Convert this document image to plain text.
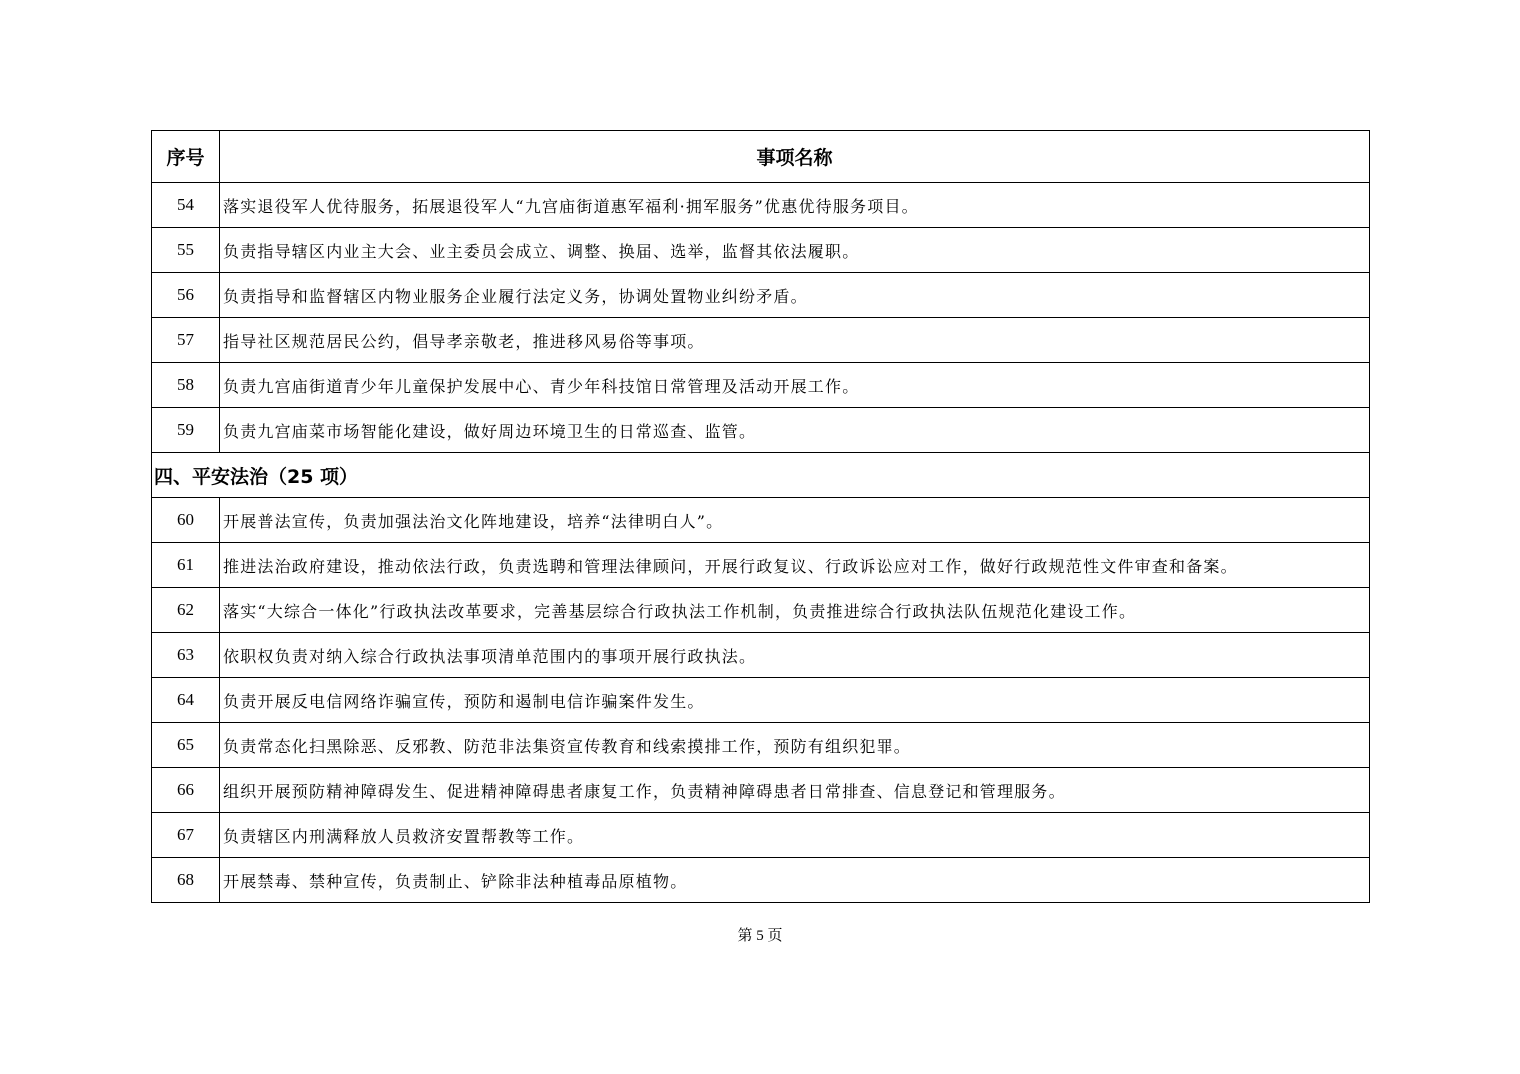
序号	事项名称
54	落实退役军人优待服务，拓展退役军人“九宫庙街道惠军福利·拥军服务”优惠优待服务项目。
55	负责指导辖区内业主大会、业主委员会成立、调整、换届、选举，监督其依法履职。
56	负责指导和监督辖区内物业服务企业履行法定义务，协调处置物业纠纷矛盾。
57	指导社区规范居民公约，倡导孝亲敬老，推进移风易俗等事项。
58	负责九宫庙街道青少年儿童保护发展中心、青少年科技馆日常管理及活动开展工作。
59	负责九宫庙菜市场智能化建设，做好周边环境卫生的日常巡查、监管。
四、平安法治（25 项）	
60	开展普法宣传，负责加强法治文化阵地建设，培养“法律明白人”。
61	推进法治政府建设，推动依法行政，负责选聘和管理法律顾问，开展行政复议、行政诉讼应对工作，做好行政规范性文件审查和备案。
62	落实“大综合一体化”行政执法改革要求，完善基层综合行政执法工作机制，负责推进综合行政执法队伍规范化建设工作。
63	依职权负责对纳入综合行政执法事项清单范围内的事项开展行政执法。
64	负责开展反电信网络诈骗宣传，预防和遏制电信诈骗案件发生。
65	负责常态化扫黑除恶、反邪教、防范非法集资宣传教育和线索摸排工作，预防有组织犯罪。
66	组织开展预防精神障碍发生、促进精神障碍患者康复工作，负责精神障碍患者日常排查、信息登记和管理服务。
67	负责辖区内刑满释放人员救济安置帮教等工作。
68	开展禁毒、禁种宣传，负责制止、铲除非法种植毒品原植物。
第 5 页
